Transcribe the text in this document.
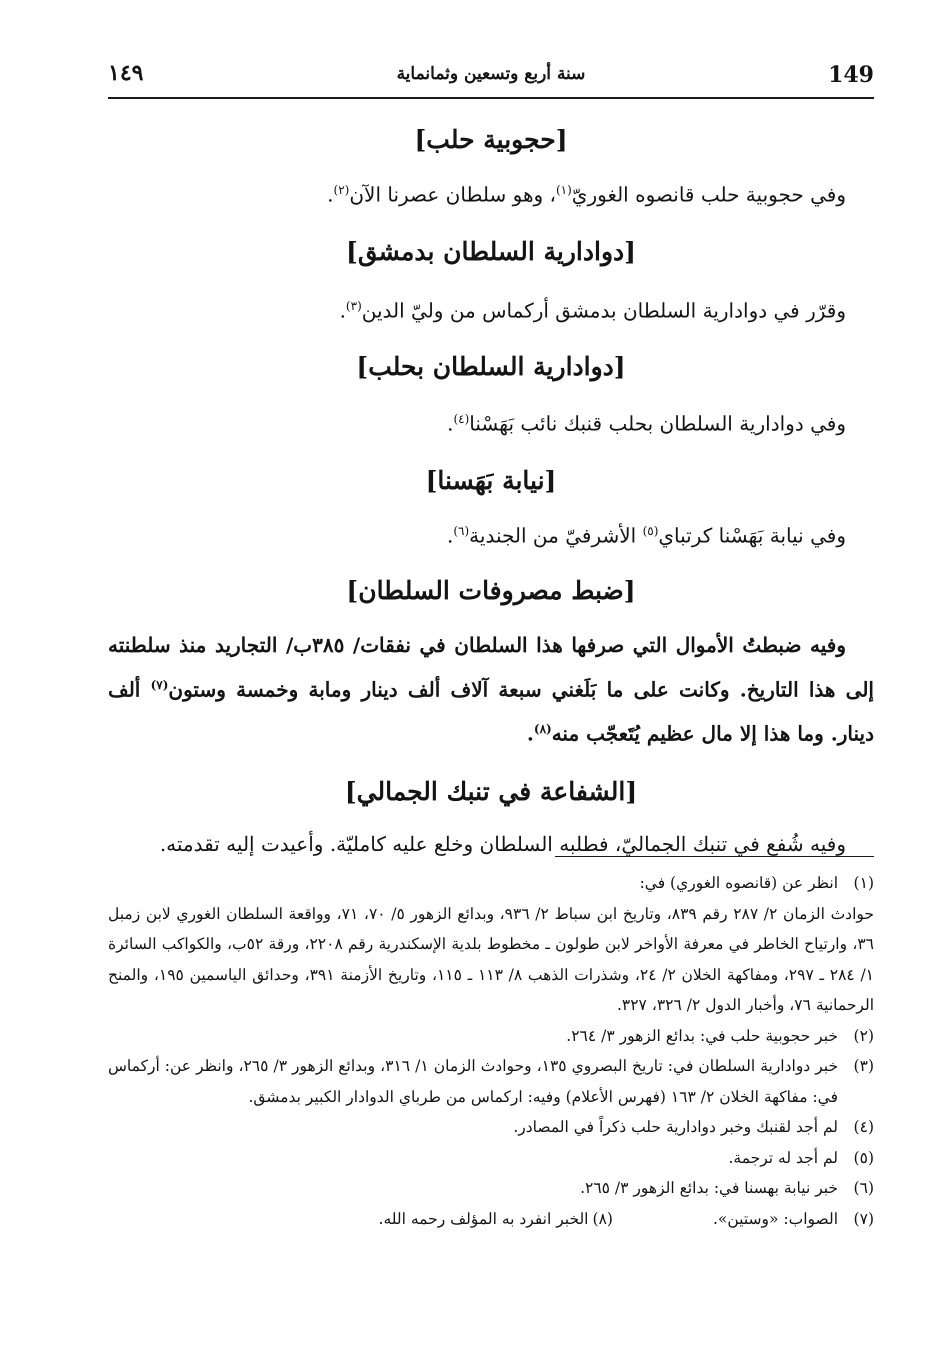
149
سنة أربع وتسعين وثمانماية
١٤٩
[حجوبية حلب]

وفي حجوبية حلب قانصوه الغوريّ$^{(١)}$، وهو سلطان عصرنا الآن$^{(٢)}$.

[دوادارية السلطان بدمشق]

وقرّر في دوادارية السلطان بدمشق أركماس من وليّ الدين$^{(٣)}$.

[دوادارية السلطان بحلب]

وفي دوادارية السلطان بحلب قنبك نائب بَهَسْنا$^{(٤)}$.

[نيابة بَهَسنا]

وفي نيابة بَهَسْنا كرتباي$^{(٥)}$ الأشرفيّ من الجندية$^{(٦)}$.

[ضبط مصروفات السلطان]

وفيه ضبطتُ الأموال التي صرفها هذا السلطان في نفقات/ ٣٨٥ب/ التجاريد منذ سلطنته إلى هذا التاريخ. وكانت على ما بَلَغني سبعة آلاف ألف دينار ومابة وخمسة وستون$^{(٧)}$ ألف دينار. وما هذا إلا مال عظيم يُتَعجّب منه$^{(٨)}$.

[الشفاعة في تنبك الجمالي]

وفيه شُفع في تنبك الجماليّ، فطلبه السلطان وخلع عليه كامليّة. وأعيدت إليه تقدمته.

(١)
انظر عن (قانصوه الغوري) في:
حوادث الزمان ٢/ ٢٨٧ رقم ٨٣٩، وتاريخ ابن سباط ٢/ ٩٣٦، وبدائع الزهور ٥/ ٧٠، ٧١، وواقعة السلطان الغوري لابن زمبل ٣٦، وارتياح الخاطر في معرفة الأواخر لابن طولون ـ مخطوط بلدية الإسكندرية رقم ٢٢٠٨، ورقة ٥٢ب، والكواكب السائرة ١/ ٢٨٤ ـ ٢٩٧، ومفاكهة الخلان ٢/ ٢٤، وشذرات الذهب ٨/ ١١٣ ـ ١١٥، وتاريخ الأزمنة ٣٩١، وحدائق الياسمين ١٩٥، والمنح الرحمانية ٧٦، وأخبار الدول ٢/ ٣٢٦، ٣٢٧.
(٢)
خبر حجوبية حلب في: بدائع الزهور ٣/ ٢٦٤.
(٣)
خبر دوادارية السلطان في: تاريخ البصروي ١٣٥، وحوادث الزمان ١/ ٣١٦، وبدائع الزهور ٣/ ٢٦٥، وانظر عن: أركماس في: مفاكهة الخلان ٢/ ١٦٣ (فهرس الأعلام) وفيه: اركماس من طرباي الدوادار الكبير بدمشق.
(٤)
لم أجد لقنبك وخبر دوادارية حلب ذكراً في المصادر.
(٥)
لم أجد له ترجمة.
(٦)
خبر نيابة بهسنا في: بدائع الزهور ٣/ ٢٦٥.
(٧)
الصواب: «وستين».
(٨)
الخبر انفرد به المؤلف رحمه الله.
